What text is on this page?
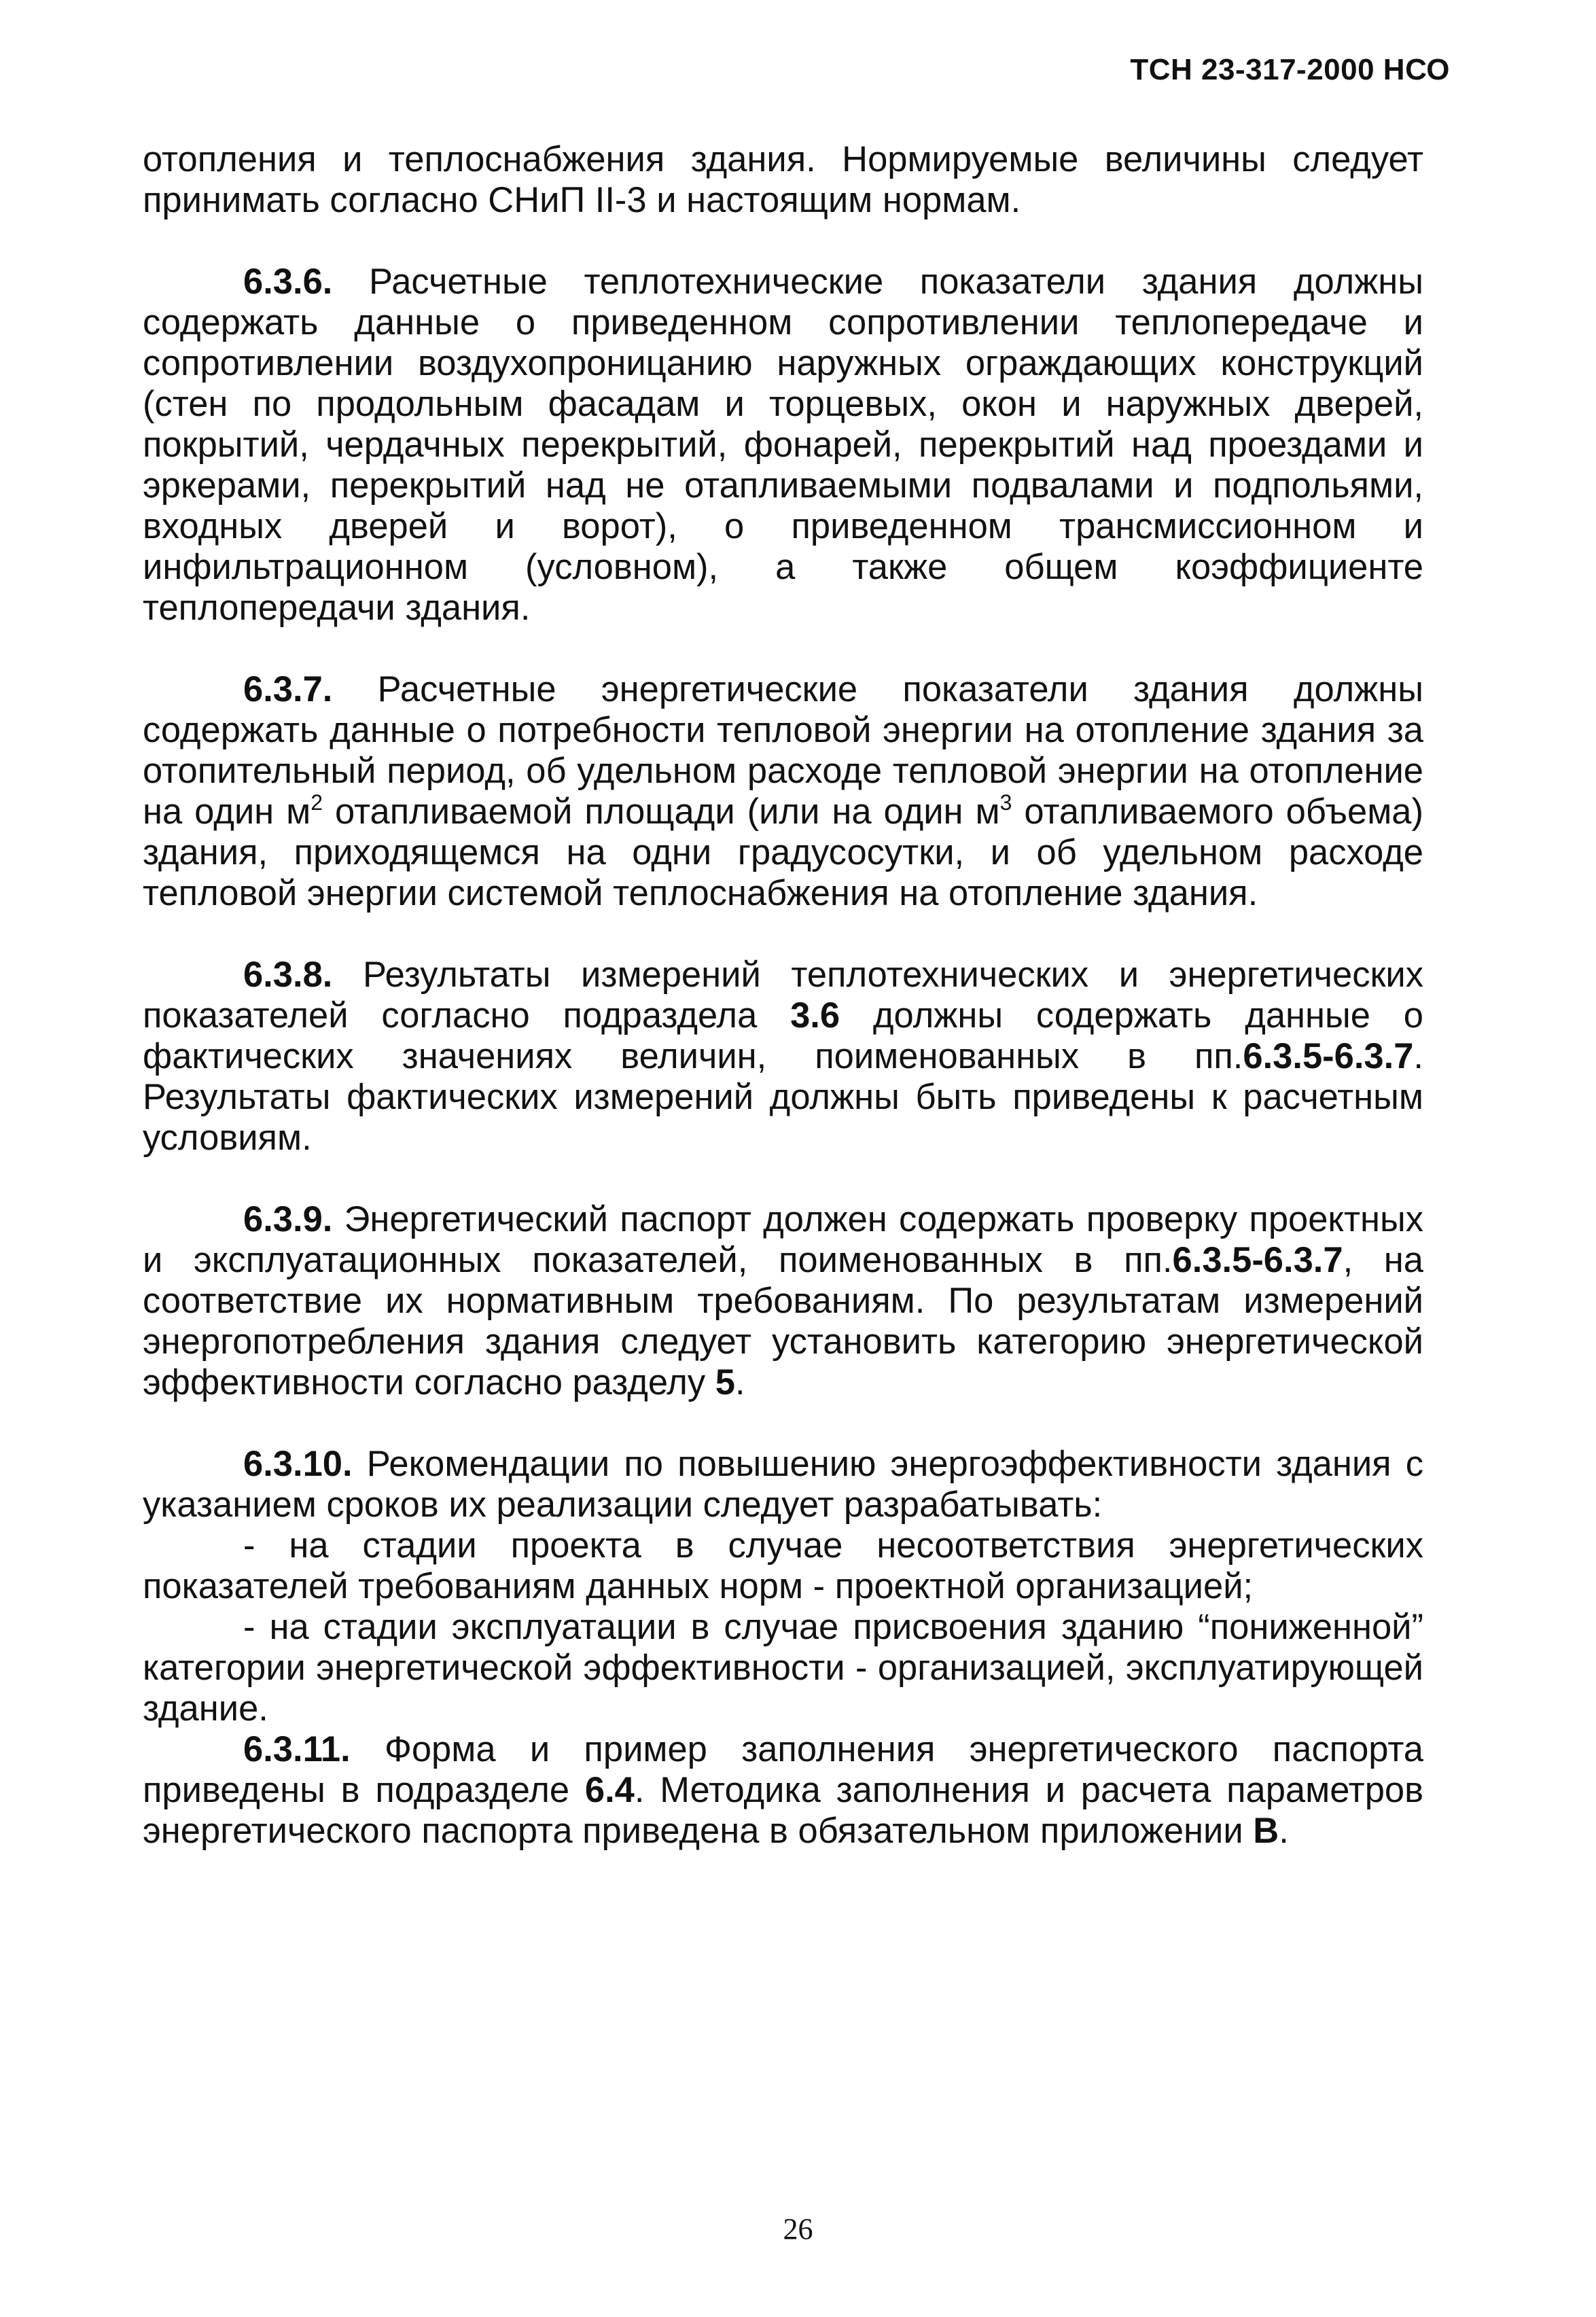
ТСН 23-317-2000 НСО

отопления и теплоснабжения здания. Нормируемые величины следует принимать согласно СНиП II-3 и настоящим нормам.

6.3.6. Расчетные теплотехнические показатели здания должны содержать данные о приведенном сопротивлении теплопередаче и сопротивлении воздухопроницанию наружных ограждающих конструкций (стен по продольным фасадам и торцевых, окон и наружных дверей, покрытий, чердачных перекрытий, фонарей, перекрытий над проездами и эркерами, перекрытий над не отапливаемыми подвалами и подпольями, входных дверей и ворот), о приведенном трансмиссионном и инфильтрационном (условном), а также общем коэффициенте теплопередачи здания.

6.3.7. Расчетные энергетические показатели здания должны содержать данные о потребности тепловой энергии на отопление здания за отопительный период, об удельном расходе тепловой энергии на отопление на один $м^2$ отапливаемой площади (или на один $м^3$ отапливаемого объема) здания, приходящемся на одни градусосутки, и об удельном расходе тепловой энергии системой теплоснабжения на отопление здания.

6.3.8. Результаты измерений теплотехнических и энергетических показателей согласно подраздела 3.6 должны содержать данные о фактических значениях величин, поименованных в пп.6.3.5-6.3.7. Результаты фактических измерений должны быть приведены к расчетным условиям.

6.3.9. Энергетический паспорт должен содержать проверку проектных и эксплуатационных показателей, поименованных в пп.6.3.5-6.3.7, на соответствие их нормативным требованиям. По результатам измерений энергопотребления здания следует установить категорию энергетической эффективности согласно разделу 5.

6.3.10. Рекомендации по повышению энергоэффективности здания с указанием сроков их реализации следует разрабатывать:

- на стадии проекта в случае несоответствия энергетических показателей требованиям данных норм - проектной организацией;

- на стадии эксплуатации в случае присвоения зданию “пониженной” категории энергетической эффективности - организацией, эксплуатирующей здание.

6.3.11. Форма и пример заполнения энергетического паспорта приведены в подразделе 6.4. Методика заполнения и расчета параметров энергетического паспорта приведена в обязательном приложении В.

26
